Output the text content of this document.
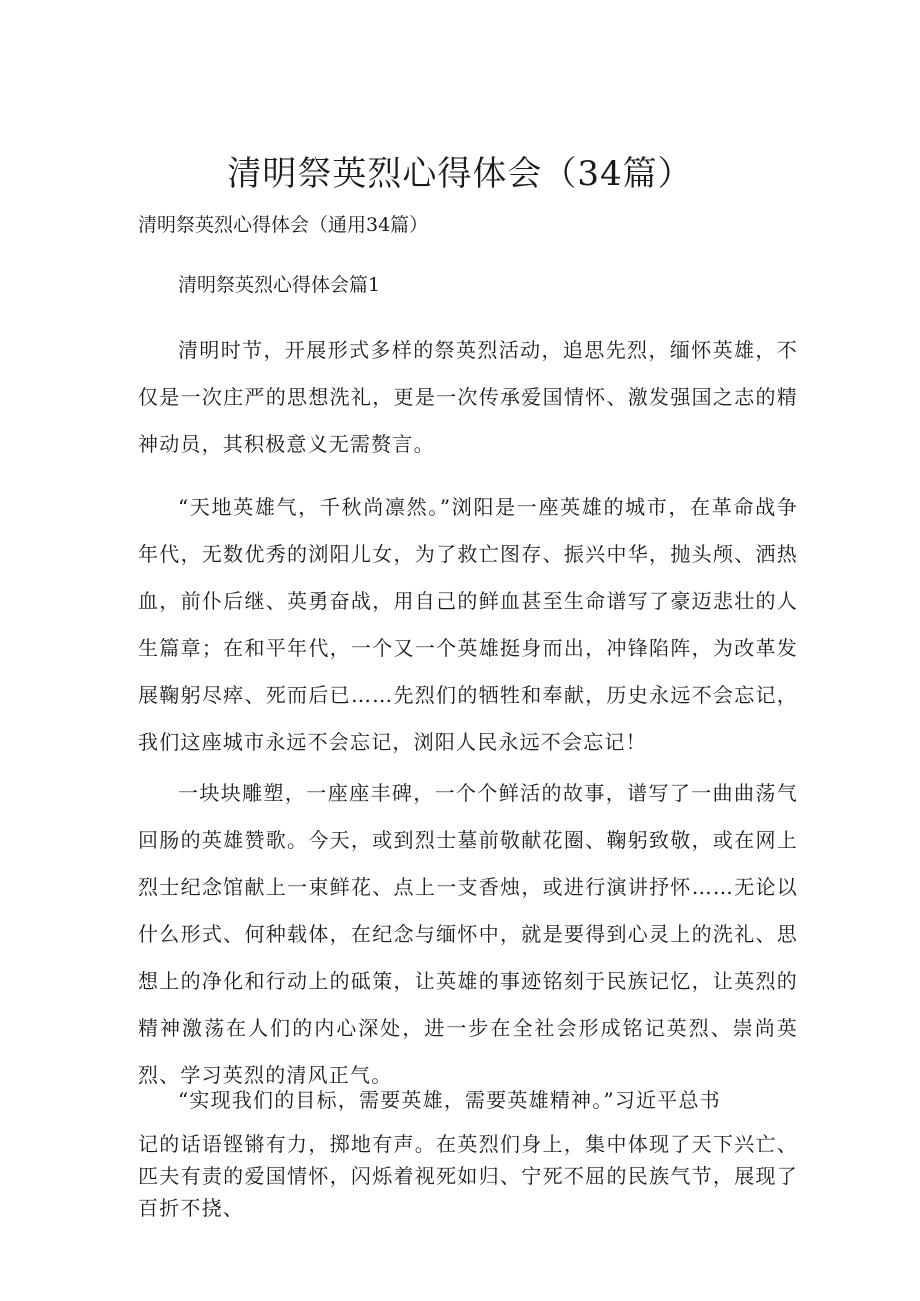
清明祭英烈心得体会（34篇）

清明祭英烈心得体会（通用34篇）

清明祭英烈心得体会篇1

清明时节，开展形式多样的祭英烈活动，追思先烈，缅怀英雄，不仅是一次庄严的思想洗礼，更是一次传承爱国情怀、激发强国之志的精神动员，其积极意义无需赘言。

“天地英雄气，千秋尚凛然。”浏阳是一座英雄的城市，在革命战争年代，无数优秀的浏阳儿女，为了救亡图存、振兴中华，抛头颅、洒热血，前仆后继、英勇奋战，用自己的鲜血甚至生命谱写了豪迈悲壮的人生篇章；在和平年代，一个又一个英雄挺身而出，冲锋陷阵，为改革发展鞠躬尽瘁、死而后已……先烈们的牺牲和奉献，历史永远不会忘记，我们这座城市永远不会忘记，浏阳人民永远不会忘记！

一块块雕塑，一座座丰碑，一个个鲜活的故事，谱写了一曲曲荡气回肠的英雄赞歌。今天，或到烈士墓前敬献花圈、鞠躬致敬，或在网上烈士纪念馆献上一束鲜花、点上一支香烛，或进行演讲抒怀……无论以什么形式、何种载体，在纪念与缅怀中，就是要得到心灵上的洗礼、思想上的净化和行动上的砥策，让英雄的事迹铭刻于民族记忆，让英烈的精神激荡在人们的内心深处，进一步在全社会形成铭记英烈、崇尚英烈、学习英烈的清风正气。

“实现我们的目标，需要英雄，需要英雄精神。”习近平总书

记的话语铿锵有力，掷地有声。在英烈们身上，集中体现了天下兴亡、匹夫有责的爱国情怀，闪烁着视死如归、宁死不屈的民族气节，展现了百折不挠、
